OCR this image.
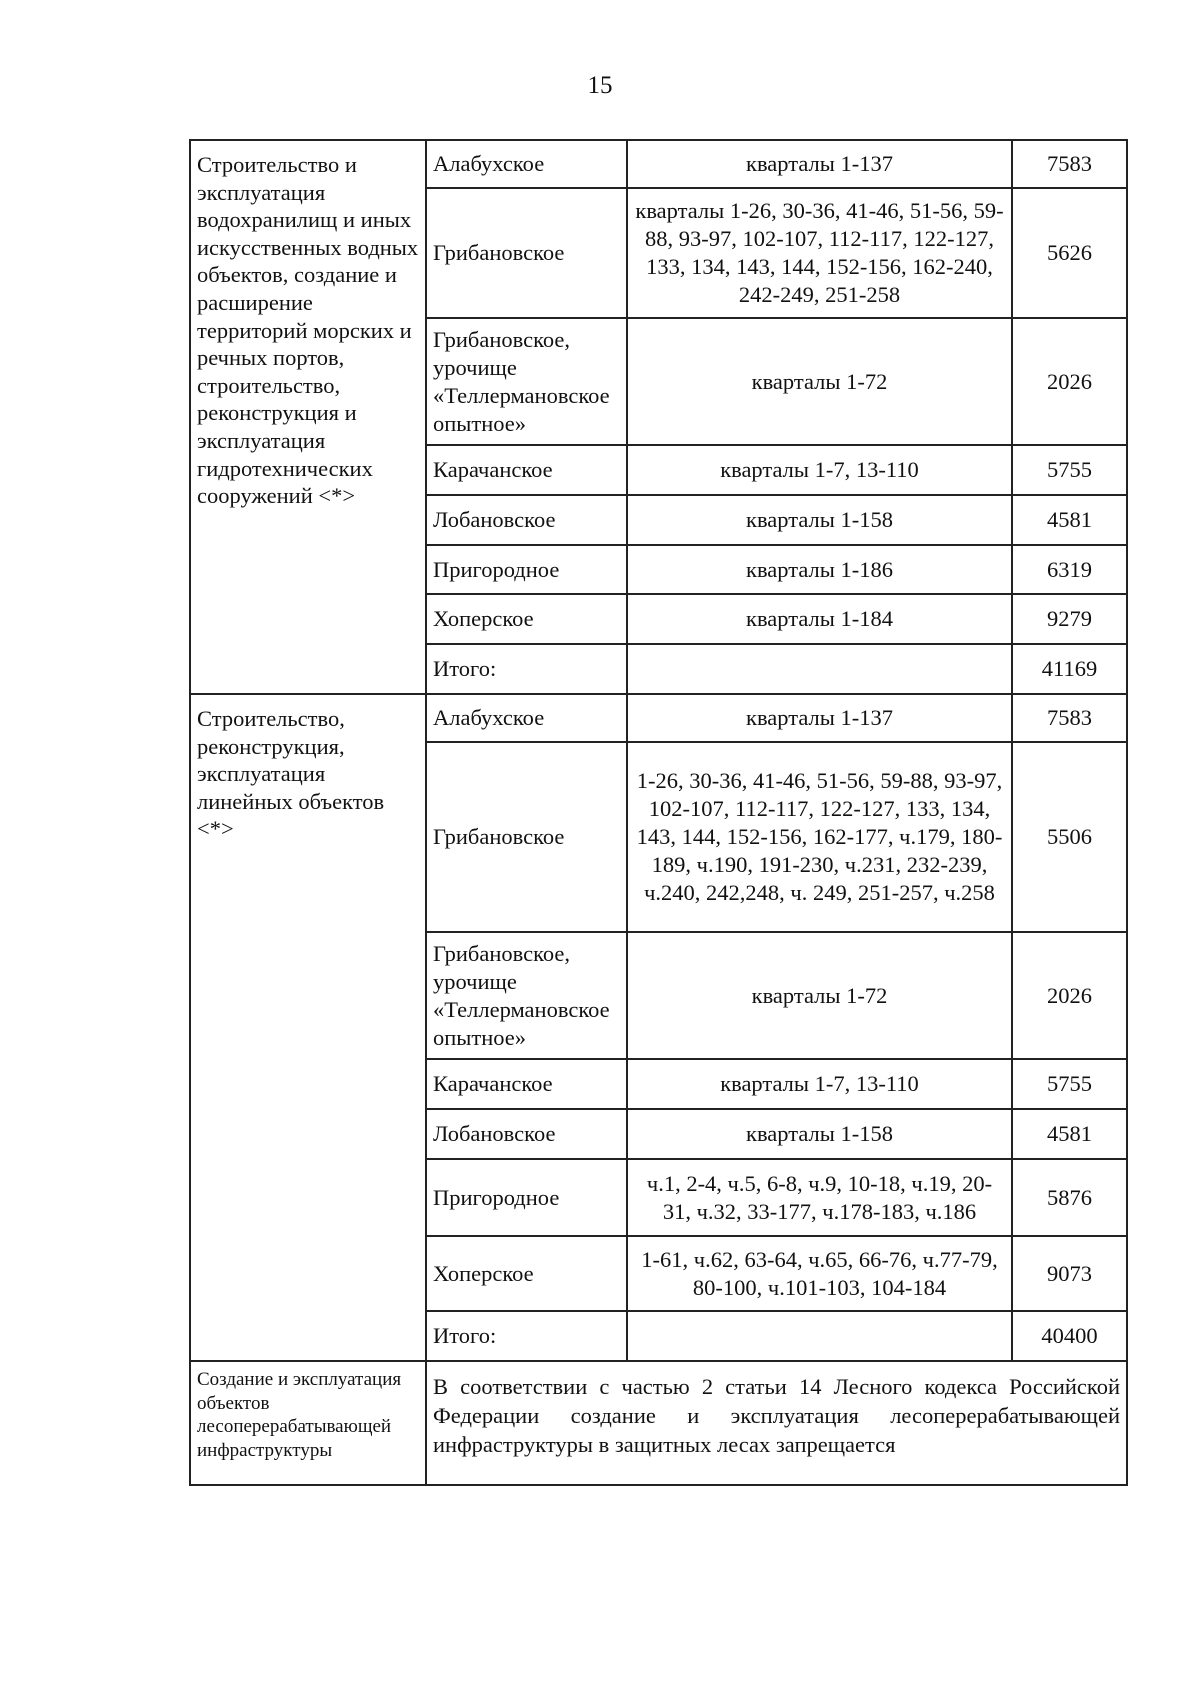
15
Строительство и эксплуатация водохранилищ и иных искусственных водных объектов, создание и расширение территорий морских и речных портов, строительство, реконструкция и эксплуатация гидротехнических сооружений <*>	Алабухское	кварталы 1-137	7583
	Грибановское	кварталы 1-26, 30-36, 41-46, 51-56, 59-88, 93-97, 102-107, 112-117, 122-127, 133, 134, 143, 144, 152-156, 162-240, 242-249, 251-258	5626
	Грибановское, урочище «Теллермановское опытное»	кварталы 1-72	2026
	Карачанское	кварталы 1-7, 13-110	5755
	Лобановское	кварталы 1-158	4581
	Пригородное	кварталы 1-186	6319
	Хоперское	кварталы 1-184	9279
	Итого:		41169
Строительство, реконструкция, эксплуатация линейных объектов <*>	Алабухское	кварталы 1-137	7583
	Грибановское	1-26, 30-36, 41-46, 51-56, 59-88, 93-97, 102-107, 112-117, 122-127, 133, 134, 143, 144, 152-156, 162-177, ч.179, 180-189, ч.190, 191-230, ч.231, 232-239, ч.240, 242,248, ч. 249, 251-257, ч.258	5506
	Грибановское, урочище «Теллермановское опытное»	кварталы 1-72	2026
	Карачанское	кварталы 1-7, 13-110	5755
	Лобановское	кварталы 1-158	4581
	Пригородное	ч.1, 2-4, ч.5, 6-8, ч.9, 10-18, ч.19, 20-31, ч.32, 33-177, ч.178-183, ч.186	5876
	Хоперское	1-61, ч.62, 63-64, ч.65, 66-76, ч.77-79, 80-100, ч.101-103, 104-184	9073
	Итого:		40400
Создание и эксплуатация объектов лесоперерабатывающей инфраструктуры	В соответствии с частью 2 статьи 14 Лесного кодекса Российской Федерации создание и эксплуатация лесоперерабатывающей инфраструктуры в защитных лесах запрещается		
